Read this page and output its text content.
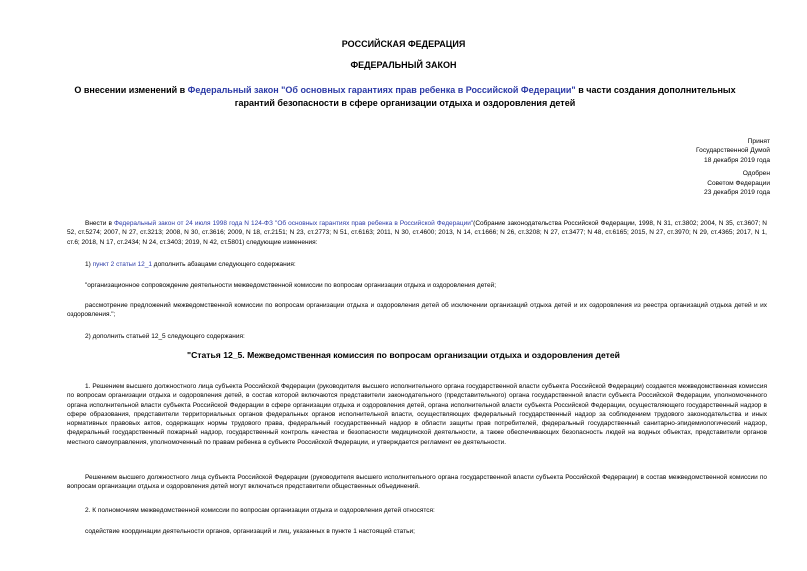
РОССИЙСКАЯ ФЕДЕРАЦИЯ
ФЕДЕРАЛЬНЫЙ ЗАКОН
О внесении изменений в Федеральный закон "Об основных гарантиях прав ребенка в Российской Федерации" в части создания дополнительных гарантий безопасности в сфере организации отдыха и оздоровления детей
Принят
Государственной Думой
18 декабря 2019 года
Одобрен
Советом Федерации
23 декабря 2019 года
Внести в Федеральный закон от 24 июля 1998 года N 124-ФЗ "Об основных гарантиях прав ребенка в Российской Федерации"(Собрание законодательства Российской Федерации, 1998, N 31, ст.3802; 2004, N 35, ст.3607; N 52, ст.5274; 2007, N 27, ст.3213; 2008, N 30, ст.3616; 2009, N 18, ст.2151; N 23, ст.2773; N 51, ст.6163; 2011, N 30, ст.4600; 2013, N 14, ст.1666; N 26, ст.3208; N 27, ст.3477; N 48, ст.6165; 2015, N 27, ст.3970; N 29, ст.4365; 2017, N 1, ст.6; 2018, N 17, ст.2434; N 24, ст.3403; 2019, N 42, ст.5801) следующие изменения:
1) пункт 2 статьи 12_1 дополнить абзацами следующего содержания:
"организационное сопровождение деятельности межведомственной комиссии по вопросам организации отдыха и оздоровления детей;
рассмотрение предложений межведомственной комиссии по вопросам организации отдыха и оздоровления детей об исключении организаций отдыха детей и их оздоровления из реестра организаций отдыха детей и их оздоровления.";
2) дополнить статьей 12_5 следующего содержания:
"Статья 12_5. Межведомственная комиссия по вопросам организации отдыха и оздоровления детей
1. Решением высшего должностного лица субъекта Российской Федерации (руководителя высшего исполнительного органа государственной власти субъекта Российской Федерации) создается межведомственная комиссия по вопросам организации отдыха и оздоровления детей, в состав которой включаются представители законодательного (представительного) органа государственной власти субъекта Российской Федерации, уполномоченного органа исполнительной власти субъекта Российской Федерации в сфере организации отдыха и оздоровления детей, органа исполнительной власти субъекта Российской Федерации, осуществляющего государственный надзор в сфере образования, представители территориальных органов федеральных органов исполнительной власти, осуществляющих федеральный государственный надзор за соблюдением трудового законодательства и иных нормативных правовых актов, содержащих нормы трудового права, федеральный государственный надзор в области защиты прав потребителей, федеральный государственный санитарно-эпидемиологический надзор, федеральный государственный пожарный надзор, государственный контроль качества и безопасности медицинской деятельности, а также обеспечивающих безопасность людей на водных объектах, представители органов местного самоуправления, уполномоченный по правам ребенка в субъекте Российской Федерации, и утверждается регламент ее деятельности.
Решением высшего должностного лица субъекта Российской Федерации (руководителя высшего исполнительного органа государственной власти субъекта Российской Федерации) в состав межведомственной комиссии по вопросам организации отдыха и оздоровления детей могут включаться представители общественных объединений.
2. К полномочиям межведомственной комиссии по вопросам организации отдыха и оздоровления детей относятся:
содействие координации деятельности органов, организаций и лиц, указанных в пункте 1 настоящей статьи;
